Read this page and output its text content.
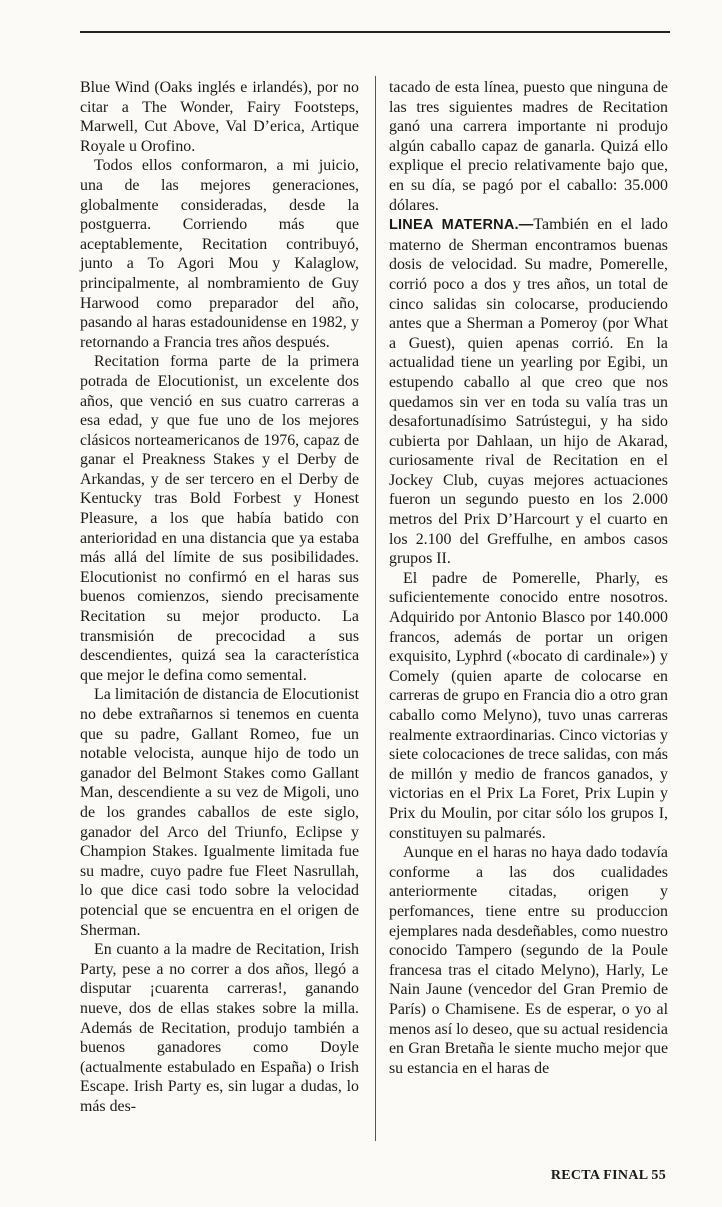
Blue Wind (Oaks inglés e irlandés), por no citar a The Wonder, Fairy Footsteps, Marwell, Cut Above, Val D’erica, Artique Royale u Orofino.

Todos ellos conformaron, a mi juicio, una de las mejores generaciones, globalmente consideradas, desde la postguerra. Corriendo más que aceptablemente, Recitation contribuyó, junto a To Agori Mou y Kalaglow, principalmente, al nombramiento de Guy Harwood como preparador del año, pasando al haras estadounidense en 1982, y retornando a Francia tres años después.

Recitation forma parte de la primera potrada de Elocutionist, un excelente dos años, que venció en sus cuatro carreras a esa edad, y que fue uno de los mejores clásicos norteamericanos de 1976, capaz de ganar el Preakness Stakes y el Derby de Arkandas, y de ser tercero en el Derby de Kentucky tras Bold Forbest y Honest Pleasure, a los que había batido con anterioridad en una distancia que ya estaba más allá del límite de sus posibilidades. Elocutionist no confirmó en el haras sus buenos comienzos, siendo precisamente Recitation su mejor producto. La transmisión de precocidad a sus descendientes, quizá sea la característica que mejor le defina como semental.

La limitación de distancia de Elocutionist no debe extrañarnos si tenemos en cuenta que su padre, Gallant Romeo, fue un notable velocista, aunque hijo de todo un ganador del Belmont Stakes como Gallant Man, descendiente a su vez de Migoli, uno de los grandes caballos de este siglo, ganador del Arco del Triunfo, Eclipse y Champion Stakes. Igualmente limitada fue su madre, cuyo padre fue Fleet Nasrullah, lo que dice casi todo sobre la velocidad potencial que se encuentra en el origen de Sherman.

En cuanto a la madre de Recitation, Irish Party, pese a no correr a dos años, llegó a disputar ¡cuarenta carreras!, ganando nueve, dos de ellas stakes sobre la milla. Además de Recitation, produjo también a buenos ganadores como Doyle (actualmente estabulado en España) o Irish Escape. Irish Party es, sin lugar a dudas, lo más des-

tacado de esta línea, puesto que ninguna de las tres siguientes madres de Recitation ganó una carrera importante ni produjo algún caballo capaz de ganarla. Quizá ello explique el precio relativamente bajo que, en su día, se pagó por el caballo: 35.000 dólares.

LINEA MATERNA.—También en el lado materno de Sherman encontramos buenas dosis de velocidad. Su madre, Pomerelle, corrió poco a dos y tres años, un total de cinco salidas sin colocarse, produciendo antes que a Sherman a Pomeroy (por What a Guest), quien apenas corrió. En la actualidad tiene un yearling por Egibi, un estupendo caballo al que creo que nos quedamos sin ver en toda su valía tras un desafortunadísimo Satrústegui, y ha sido cubierta por Dahlaan, un hijo de Akarad, curiosamente rival de Recitation en el Jockey Club, cuyas mejores actuaciones fueron un segundo puesto en los 2.000 metros del Prix D’Harcourt y el cuarto en los 2.100 del Greffulhe, en ambos casos grupos II.

El padre de Pomerelle, Pharly, es suficientemente conocido entre nosotros. Adquirido por Antonio Blasco por 140.000 francos, además de portar un origen exquisito, Lyphrd («bocato di cardinale») y Comely (quien aparte de colocarse en carreras de grupo en Francia dio a otro gran caballo como Melyno), tuvo unas carreras realmente extraordinarias. Cinco victorias y siete colocaciones de trece salidas, con más de millón y medio de francos ganados, y victorias en el Prix La Foret, Prix Lupin y Prix du Moulin, por citar sólo los grupos I, constituyen su palmarés.

Aunque en el haras no haya dado todavía conforme a las dos cualidades anteriormente citadas, origen y perfomances, tiene entre su produccion ejemplares nada desdeñables, como nuestro conocido Tampero (segundo de la Poule francesa tras el citado Melyno), Harly, Le Nain Jaune (vencedor del Gran Premio de París) o Chamisene. Es de esperar, o yo al menos así lo deseo, que su actual residencia en Gran Bretaña le siente mucho mejor que su estancia en el haras de

RECTA FINAL 55
